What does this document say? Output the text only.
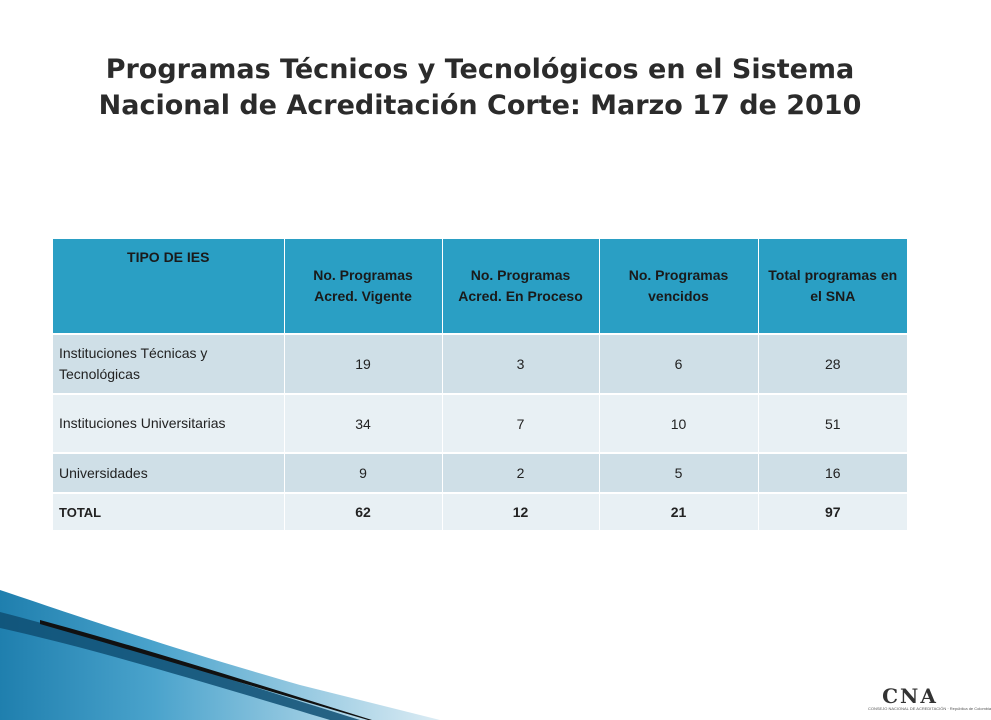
Programas Técnicos y Tecnológicos en el Sistema
Nacional de Acreditación Corte: Marzo 17 de 2010
TIPO DE IES	No. Programas Acred. Vigente	No. Programas Acred. En Proceso	No. Programas vencidos	Total programas en el SNA
Instituciones Técnicas y Tecnológicas	19	3	6	28
Instituciones Universitarias	34	7	10	51
Universidades	9	2	5	16
TOTAL	62	12	21	97
CNA
CONSEJO NACIONAL DE ACREDITACIÓN · República de Colombia
